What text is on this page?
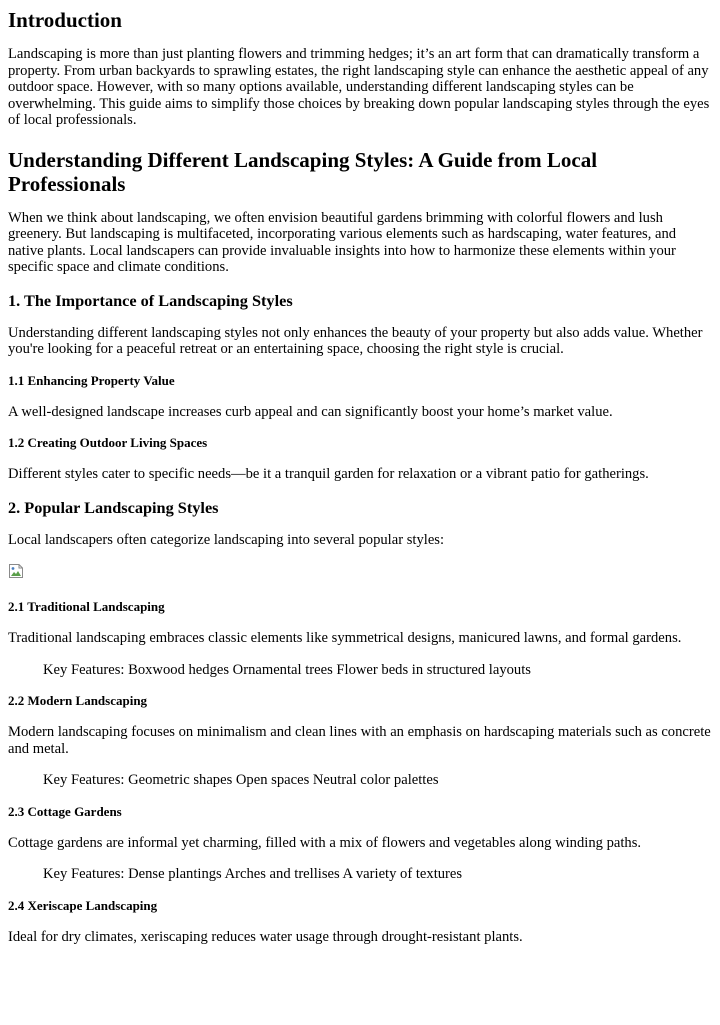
Introduction

Landscaping is more than just planting flowers and trimming hedges; it’s an art form that can dramatically transform a property. From urban backyards to sprawling estates, the right landscaping style can enhance the aesthetic appeal of any outdoor space. However, with so many options available, understanding different landscaping styles can be overwhelming. This guide aims to simplify those choices by breaking down popular landscaping styles through the eyes of local professionals.

Understanding Different Landscaping Styles: A Guide from Local Professionals

When we think about landscaping, we often envision beautiful gardens brimming with colorful flowers and lush greenery. But landscaping is multifaceted, incorporating various elements such as hardscaping, water features, and native plants. Local landscapers can provide invaluable insights into how to harmonize these elements within your specific space and climate conditions.

1. The Importance of Landscaping Styles

Understanding different landscaping styles not only enhances the beauty of your property but also adds value. Whether you're looking for a peaceful retreat or an entertaining space, choosing the right style is crucial.

1.1 Enhancing Property Value

A well-designed landscape increases curb appeal and can significantly boost your home’s market value.

1.2 Creating Outdoor Living Spaces

Different styles cater to specific needs—be it a tranquil garden for relaxation or a vibrant patio for gatherings.

2. Popular Landscaping Styles

Local landscapers often categorize landscaping into several popular styles:

2.1 Traditional Landscaping

Traditional landscaping embraces classic elements like symmetrical designs, manicured lawns, and formal gardens.

Key Features: Boxwood hedges Ornamental trees Flower beds in structured layouts

2.2 Modern Landscaping

Modern landscaping focuses on minimalism and clean lines with an emphasis on hardscaping materials such as concrete and metal.

Key Features: Geometric shapes Open spaces Neutral color palettes

2.3 Cottage Gardens

Cottage gardens are informal yet charming, filled with a mix of flowers and vegetables along winding paths.

Key Features: Dense plantings Arches and trellises A variety of textures

2.4 Xeriscape Landscaping

Ideal for dry climates, xeriscaping reduces water usage through drought-resistant plants.
